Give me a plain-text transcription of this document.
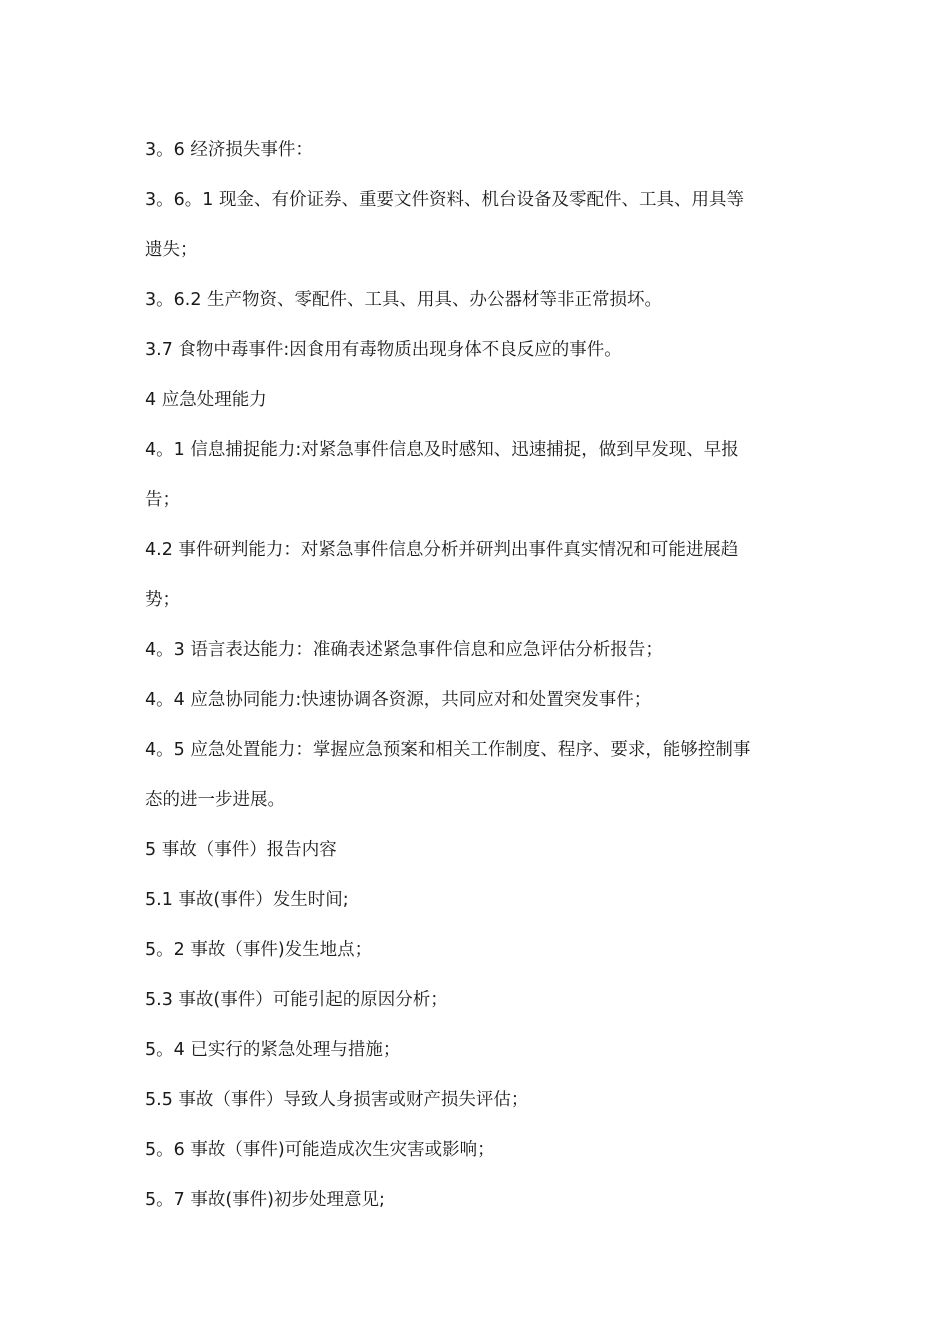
3。6 经济损失事件：
3。6。1 现金、有价证券、重要文件资料、机台设备及零配件、工具、用具等
遗失；
3。6.2 生产物资、零配件、工具、用具、办公器材等非正常损坏。
3.7 食物中毒事件:因食用有毒物质出现身体不良反应的事件。
4 应急处理能力
4。1 信息捕捉能力:对紧急事件信息及时感知、迅速捕捉，做到早发现、早报
告；
4.2 事件研判能力：对紧急事件信息分析并研判出事件真实情况和可能进展趋
势；
4。3 语言表达能力：准确表述紧急事件信息和应急评估分析报告；
4。4 应急协同能力:快速协调各资源，共同应对和处置突发事件；
4。5 应急处置能力：掌握应急预案和相关工作制度、程序、要求，能够控制事
态的进一步进展。
5 事故（事件）报告内容
5.1 事故(事件）发生时间;
5。2 事故（事件)发生地点；
5.3 事故(事件）可能引起的原因分析；
5。4 已实行的紧急处理与措施；
5.5 事故（事件）导致人身损害或财产损失评估；
5。6 事故（事件)可能造成次生灾害或影响；
5。7 事故(事件)初步处理意见;
